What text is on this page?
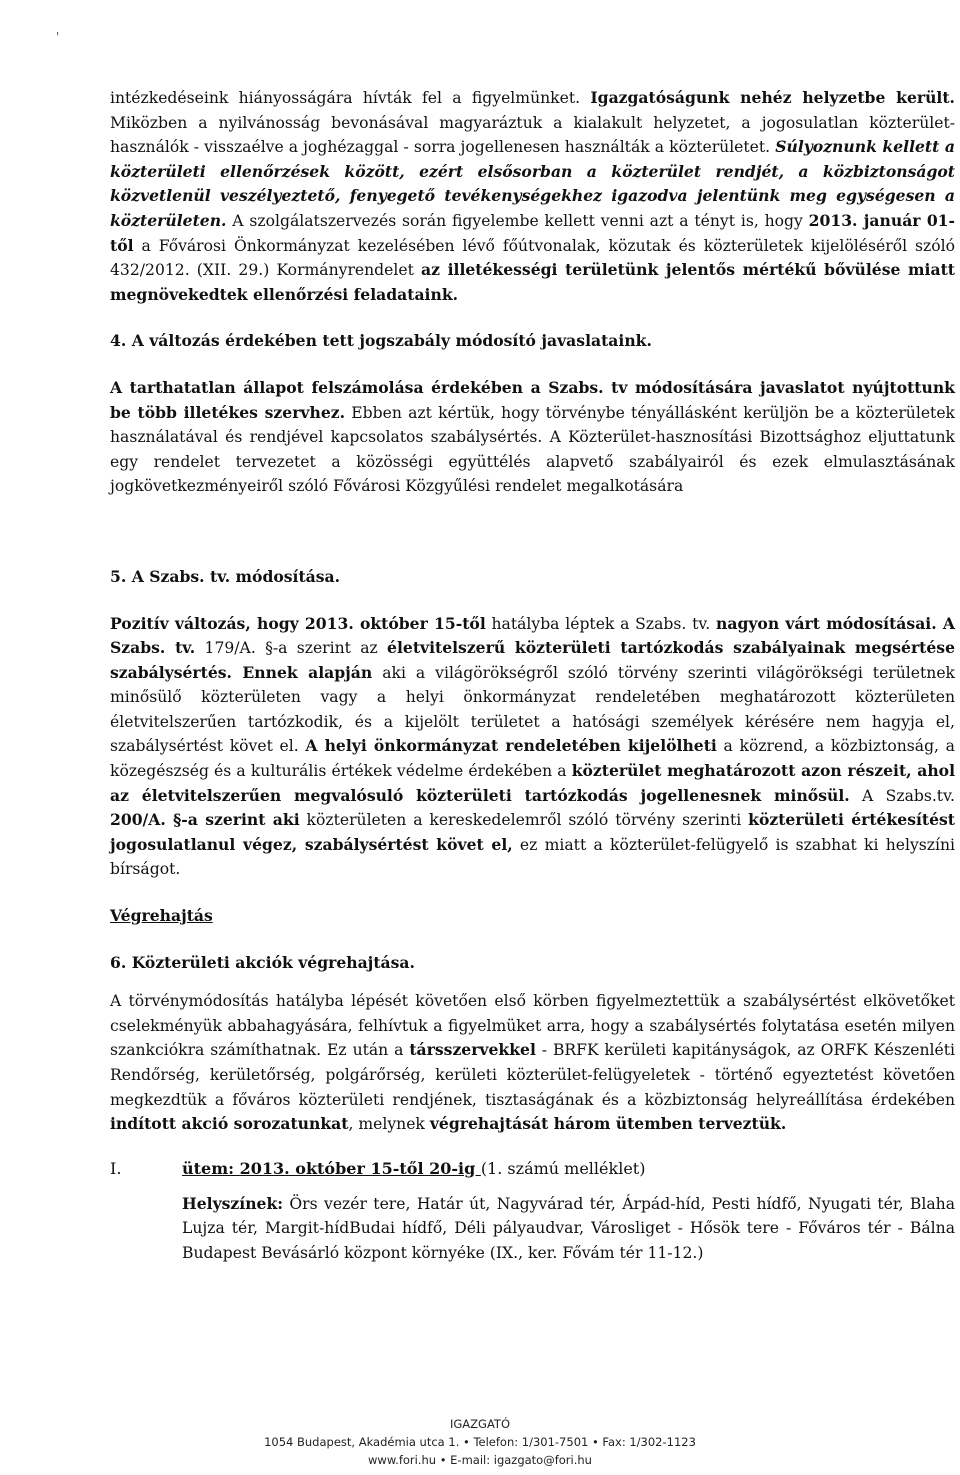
'

intézkedéseink hiányosságára hívták fel a figyelmünket. Igazgatóságunk nehéz helyzetbe került. Miközben a nyilvánosság bevonásával magyaráztuk a kialakult helyzetet, a jogosulatlan közterület-használók - visszaélve a joghézaggal - sorra jogellenesen használták a közterületet. Súlyoznunk kellett a közterületi ellenőrzések között, ezért elsősorban a közterület rendjét, a közbiztonságot közvetlenül veszélyeztető, fenyegető tevékenységekhez igazodva jelentünk meg egységesen a közterületen. A szolgálatszervezés során figyelembe kellett venni azt a tényt is, hogy 2013. január 01-től a Fővárosi Önkormányzat kezelésében lévő főútvonalak, közutak és közterületek kijelöléséről szóló 432/2012. (XII. 29.) Kormányrendelet az illetékességi területünk jelentős mértékű bővülése miatt megnövekedtek ellenőrzési feladataink.

4. A változás érdekében tett jogszabály módosító javaslataink.

A tarthatatlan állapot felszámolása érdekében a Szabs. tv módosítására javaslatot nyújtottunk be több illetékes szervhez. Ebben azt kértük, hogy törvénybe tényállásként kerüljön be a közterületek használatával és rendjével kapcsolatos szabálysértés. A Közterület-hasznosítási Bizottsághoz eljuttatunk egy rendelet tervezetet a közösségi együttélés alapvető szabályairól és ezek elmulasztásának jogkövetkezményeiről szóló Fővárosi Közgyűlési rendelet megalkotására

5. A Szabs. tv. módosítása.

Pozitív változás, hogy 2013. október 15-től hatályba léptek a Szabs. tv. nagyon várt módosításai. A Szabs. tv. 179/A. §-a szerint az életvitelszerű közterületi tartózkodás szabályainak megsértése szabálysértés. Ennek alapján aki a világörökségről szóló törvény szerinti világörökségi területnek minősülő közterületen vagy a helyi önkormányzat rendeletében meghatározott közterületen életvitelszerűen tartózkodik, és a kijelölt területet a hatósági személyek kérésére nem hagyja el, szabálysértést követ el. A helyi önkormányzat rendeletében kijelölheti a közrend, a közbiztonság, a közegészség és a kulturális értékek védelme érdekében a közterület meghatározott azon részeit, ahol az életvitelszerűen megvalósuló közterületi tartózkodás jogellenesnek minősül. A Szabs.tv. 200/A. §-a szerint aki közterületen a kereskedelemről szóló törvény szerinti közterületi értékesítést jogosulatlanul végez, szabálysértést követ el, ez miatt a közterület-felügyelő is szabhat ki helyszíni bírságot.

Végrehajtás
6. Közterületi akciók végrehajtása.

A törvénymódosítás hatályba lépését követően első körben figyelmeztettük a szabálysértést elkövetőket cselekményük abbahagyására, felhívtuk a figyelmüket arra, hogy a szabálysértés folytatása esetén milyen szankciókra számíthatnak. Ez után a társszervekkel - BRFK kerületi kapitányságok, az ORFK Készenléti Rendőrség, kerületőrség, polgárőrség, kerületi közterület-felügyeletek - történő egyeztetést követően megkezdtük a főváros közterületi rendjének, tisztaságának és a közbiztonság helyreállítása érdekében indított akció sorozatunkat, melynek végrehajtását három ütemben terveztük.

I.	ütem: 2013. október 15-től 20-ig (1. számú melléklet)

Helyszínek: Örs vezér tere, Határ út, Nagyvárad tér, Árpád-híd, Pesti hídfő, Nyugati tér, Blaha Lujza tér, Margit-hídBudai hídfő, Déli pályaudvar, Városliget - Hősök tere - Főváros tér - Bálna Budapest Bevásárló központ környéke (IX., ker. Fővám tér 11-12.)

IGAZGATÓ
1054 Budapest, Akadémia utca 1. • Telefon: 1/301-7501 • Fax: 1/302-1123
www.fori.hu • E-mail: igazgato@fori.hu
